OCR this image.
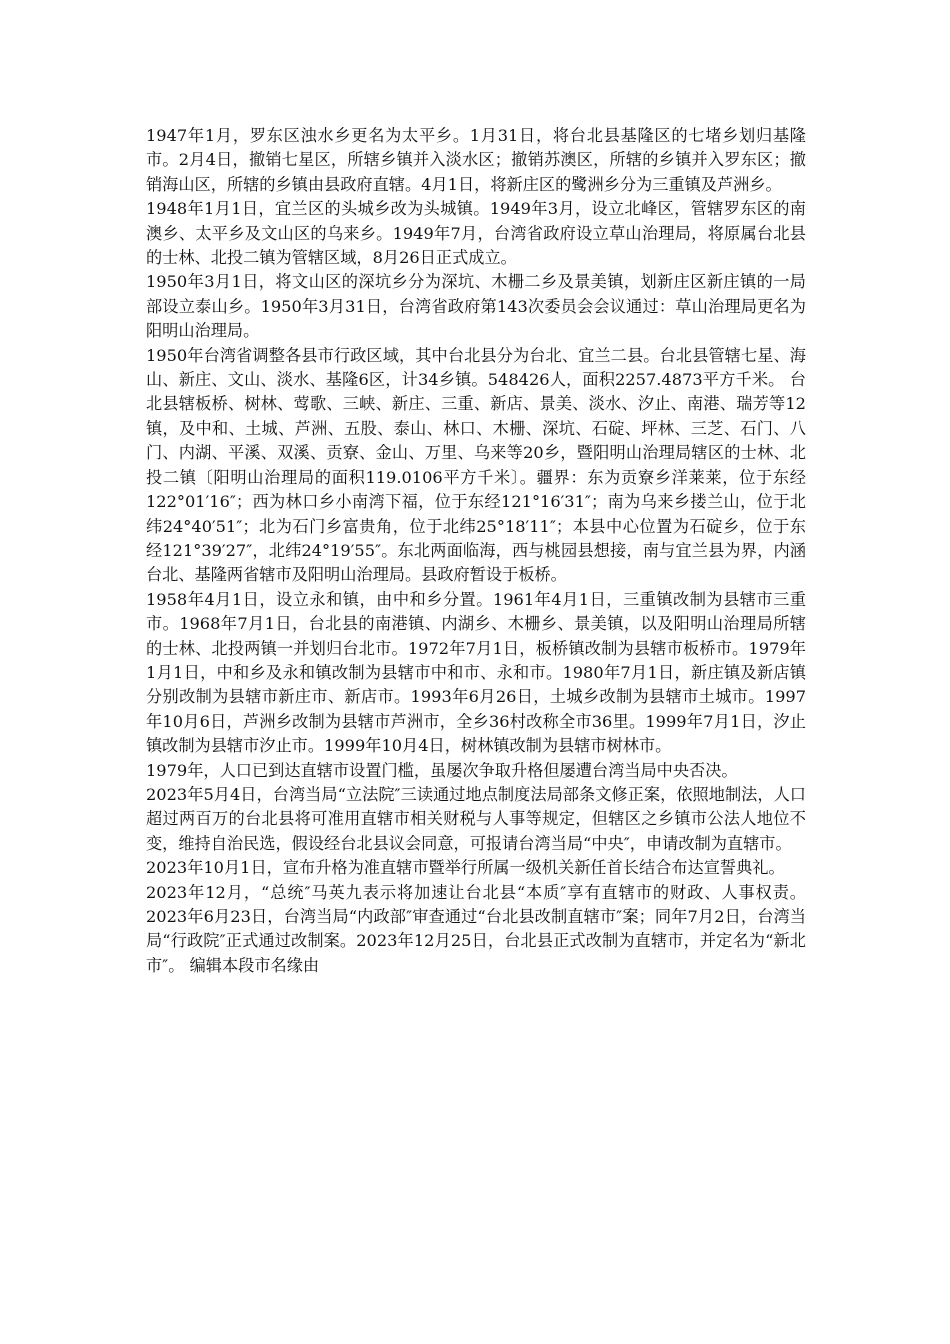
1947年1月，罗东区浊水乡更名为太平乡。1月31日，将台北县基隆区的七堵乡划归基隆市。2月4日，撤销七星区，所辖乡镇并入淡水区；撤销苏澳区，所辖的乡镇并入罗东区；撤销海山区，所辖的乡镇由县政府直辖。4月1日，将新庄区的鹭洲乡分为三重镇及芦洲乡。

1948年1月1日，宜兰区的头城乡改为头城镇。1949年3月，设立北峰区，管辖罗东区的南澳乡、太平乡及文山区的乌来乡。1949年7月，台湾省政府设立草山治理局，将原属台北县的士林、北投二镇为管辖区域，8月26日正式成立。

1950年3月1日，将文山区的深坑乡分为深坑、木栅二乡及景美镇，划新庄区新庄镇的一局部设立泰山乡。1950年3月31日，台湾省政府第143次委员会会议通过：草山治理局更名为阳明山治理局。

1950年台湾省调整各县市行政区域，其中台北县分为台北、宜兰二县。台北县管辖七星、海山、新庄、文山、淡水、基隆6区，计34乡镇。548426人，面积2257.4873平方千米。 台北县辖板桥、树林、莺歌、三峡、新庄、三重、新店、景美、淡水、汐止、南港、瑞芳等12镇，及中和、土城、芦洲、五股、泰山、林口、木栅、深坑、石碇、坪林、三芝、石门、八门、内湖、平溪、双溪、贡寮、金山、万里、乌来等20乡，暨阳明山治理局辖区的士林、北投二镇〔阳明山治理局的面积119.0106平方千米〕。疆界：东为贡寮乡洋莱莱，位于东经122°01′16″；西为林口乡小南湾下福，位于东经121°16′31″；南为乌来乡搂兰山，位于北纬24°40′51″；北为石门乡富贵角，位于北纬25°18′11″；本县中心位置为石碇乡，位于东经121°39′27″，北纬24°19′55″。东北两面临海，西与桃园县想接，南与宜兰县为界，内涵台北、基隆两省辖市及阳明山治理局。县政府暂设于板桥。

1958年4月1日，设立永和镇，由中和乡分置。1961年4月1日，三重镇改制为县辖市三重市。1968年7月1日，台北县的南港镇、内湖乡、木栅乡、景美镇，以及阳明山治理局所辖的士林、北投两镇一并划归台北市。1972年7月1日，板桥镇改制为县辖市板桥市。1979年1月1日，中和乡及永和镇改制为县辖市中和市、永和市。1980年7月1日，新庄镇及新店镇分别改制为县辖市新庄市、新店市。1993年6月26日，土城乡改制为县辖市土城市。1997年10月6日，芦洲乡改制为县辖市芦洲市，全乡36村改称全市36里。1999年7月1日，汐止镇改制为县辖市汐止市。1999年10月4日，树林镇改制为县辖市树林市。

1979年，人口已到达直辖市设置门槛，虽屡次争取升格但屡遭台湾当局中央否决。

2023年5月4日，台湾当局“立法院″三读通过地点制度法局部条文修正案，依照地制法，人口超过两百万的台北县将可准用直辖市相关财税与人事等规定，但辖区之乡镇市公法人地位不变，维持自治民选，假设经台北县议会同意，可报请台湾当局“中央″，申请改制为直辖市。

2023年10月1日，宣布升格为准直辖市暨举行所属一级机关新任首长结合布达宣誓典礼。

2023年12月，“总统″马英九表示将加速让台北县“本质″享有直辖市的财政、人事权责。2023年6月23日，台湾当局“内政部″审查通过“台北县改制直辖市″案；同年7月2日，台湾当局“行政院″正式通过改制案。2023年12月25日，台北县正式改制为直辖市，并定名为“新北市″。 编辑本段市名缘由
